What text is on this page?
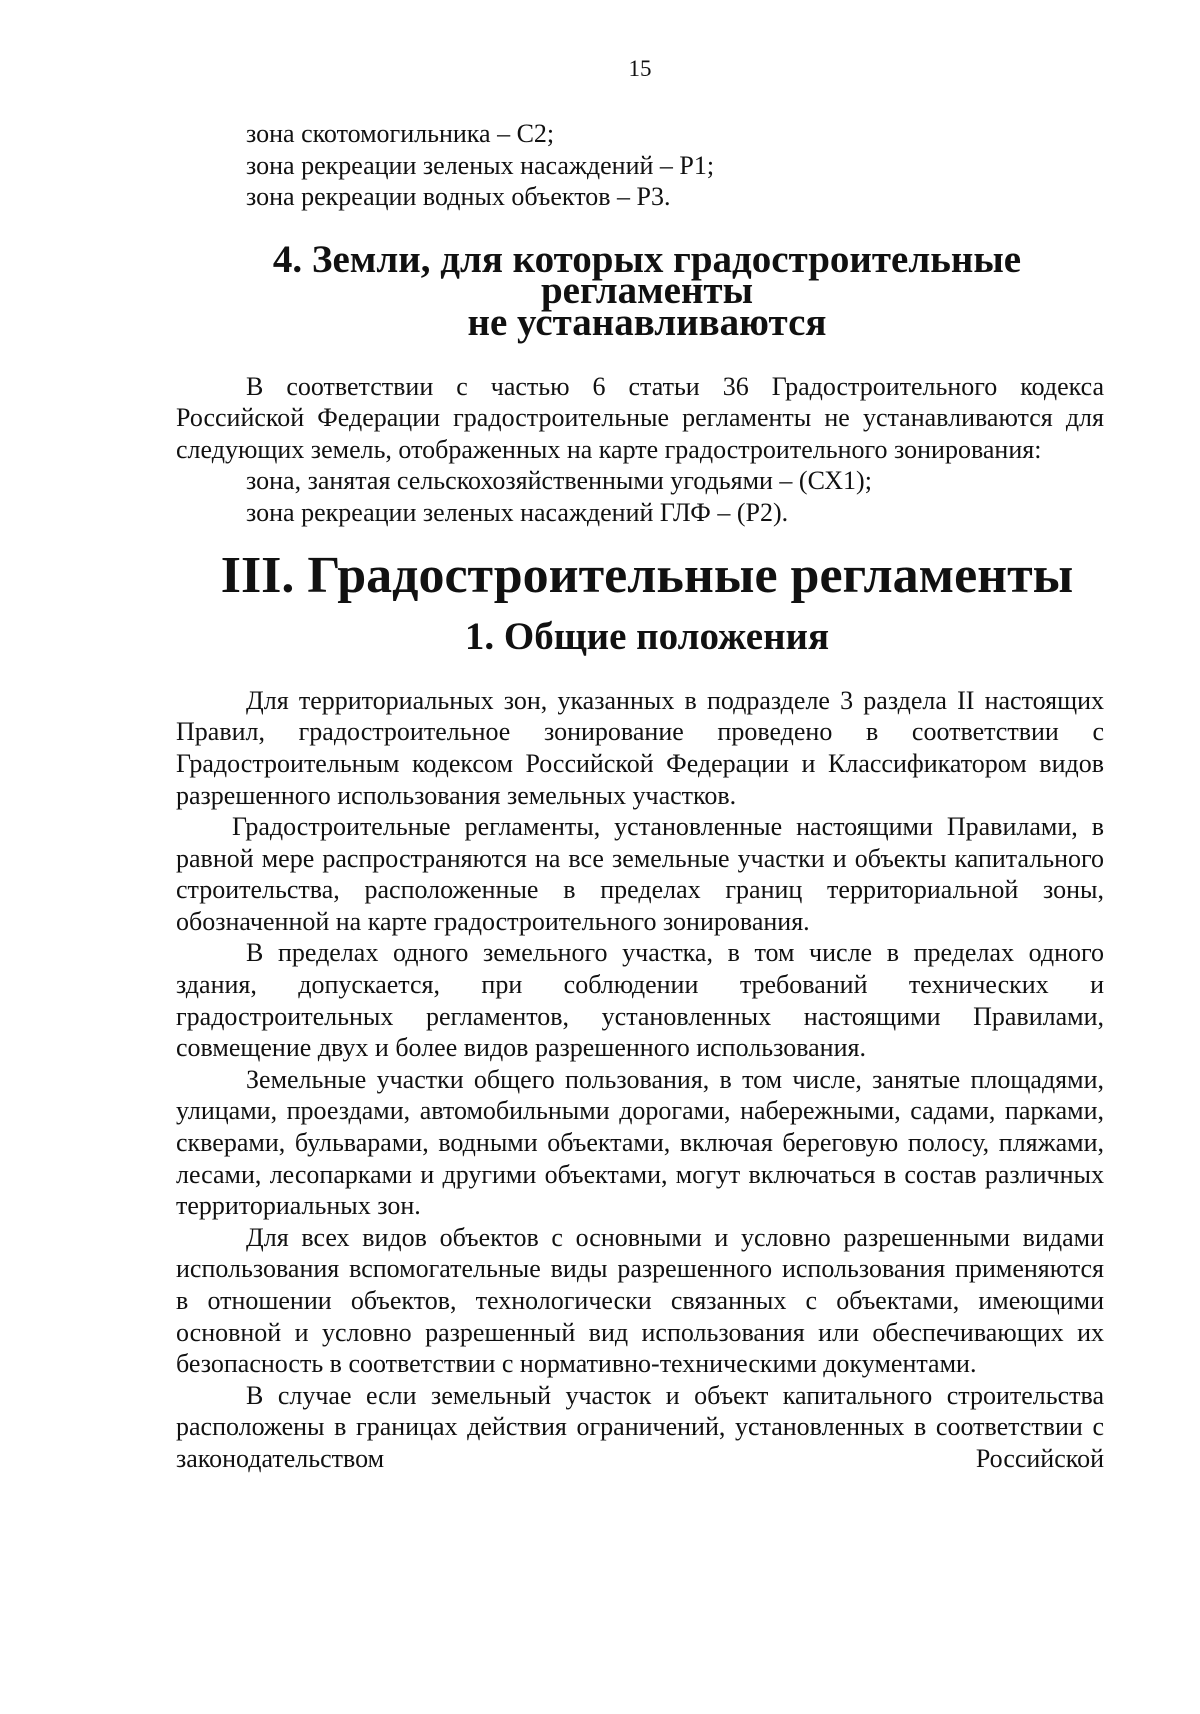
15

зона скотомогильника – С2;

зона рекреации зеленых насаждений – Р1;

зона рекреации водных объектов – Р3.

4. Земли, для которых градостроительные регламенты
не устанавливаются

В соответствии с частью 6 статьи 36 Градостроительного кодекса Российской Федерации градостроительные регламенты не устанавливаются для следующих земель, отображенных на карте градостроительного зонирования:

зона, занятая сельскохозяйственными угодьями – (СХ1);

зона рекреации зеленых насаждений ГЛФ – (Р2).

III. Градостроительные регламенты
1. Общие положения

Для территориальных зон, указанных в подразделе 3 раздела II настоящих Правил, градостроительное зонирование проведено в соответствии с Градостроительным кодексом Российской Федерации и Классификатором видов разрешенного использования земельных участков.

Градостроительные регламенты, установленные настоящими Правилами, в равной мере распространяются на все земельные участки и объекты капитального строительства, расположенные в пределах границ территориальной зоны, обозначенной на карте градостроительного зонирования.

В пределах одного земельного участка, в том числе в пределах одного здания, допускается, при соблюдении требований технических и градостроительных регламентов, установленных настоящими Правилами, совмещение двух и более видов разрешенного использования.

Земельные участки общего пользования, в том числе, занятые площадями, улицами, проездами, автомобильными дорогами, набережными, садами, парками, скверами, бульварами, водными объектами, включая береговую полосу, пляжами, лесами, лесопарками и другими объектами, могут включаться в состав различных территориальных зон.

Для всех видов объектов с основными и условно разрешенными видами использования вспомогательные виды разрешенного использования применяются в отношении объектов, технологически связанных с объектами, имеющими основной и условно разрешенный вид использования или обеспечивающих их безопасность в соответствии с нормативно-техническими документами.

В случае если земельный участок и объект капитального строительства расположены в границах действия ограничений, установленных в соответствии с законодательством Российской
